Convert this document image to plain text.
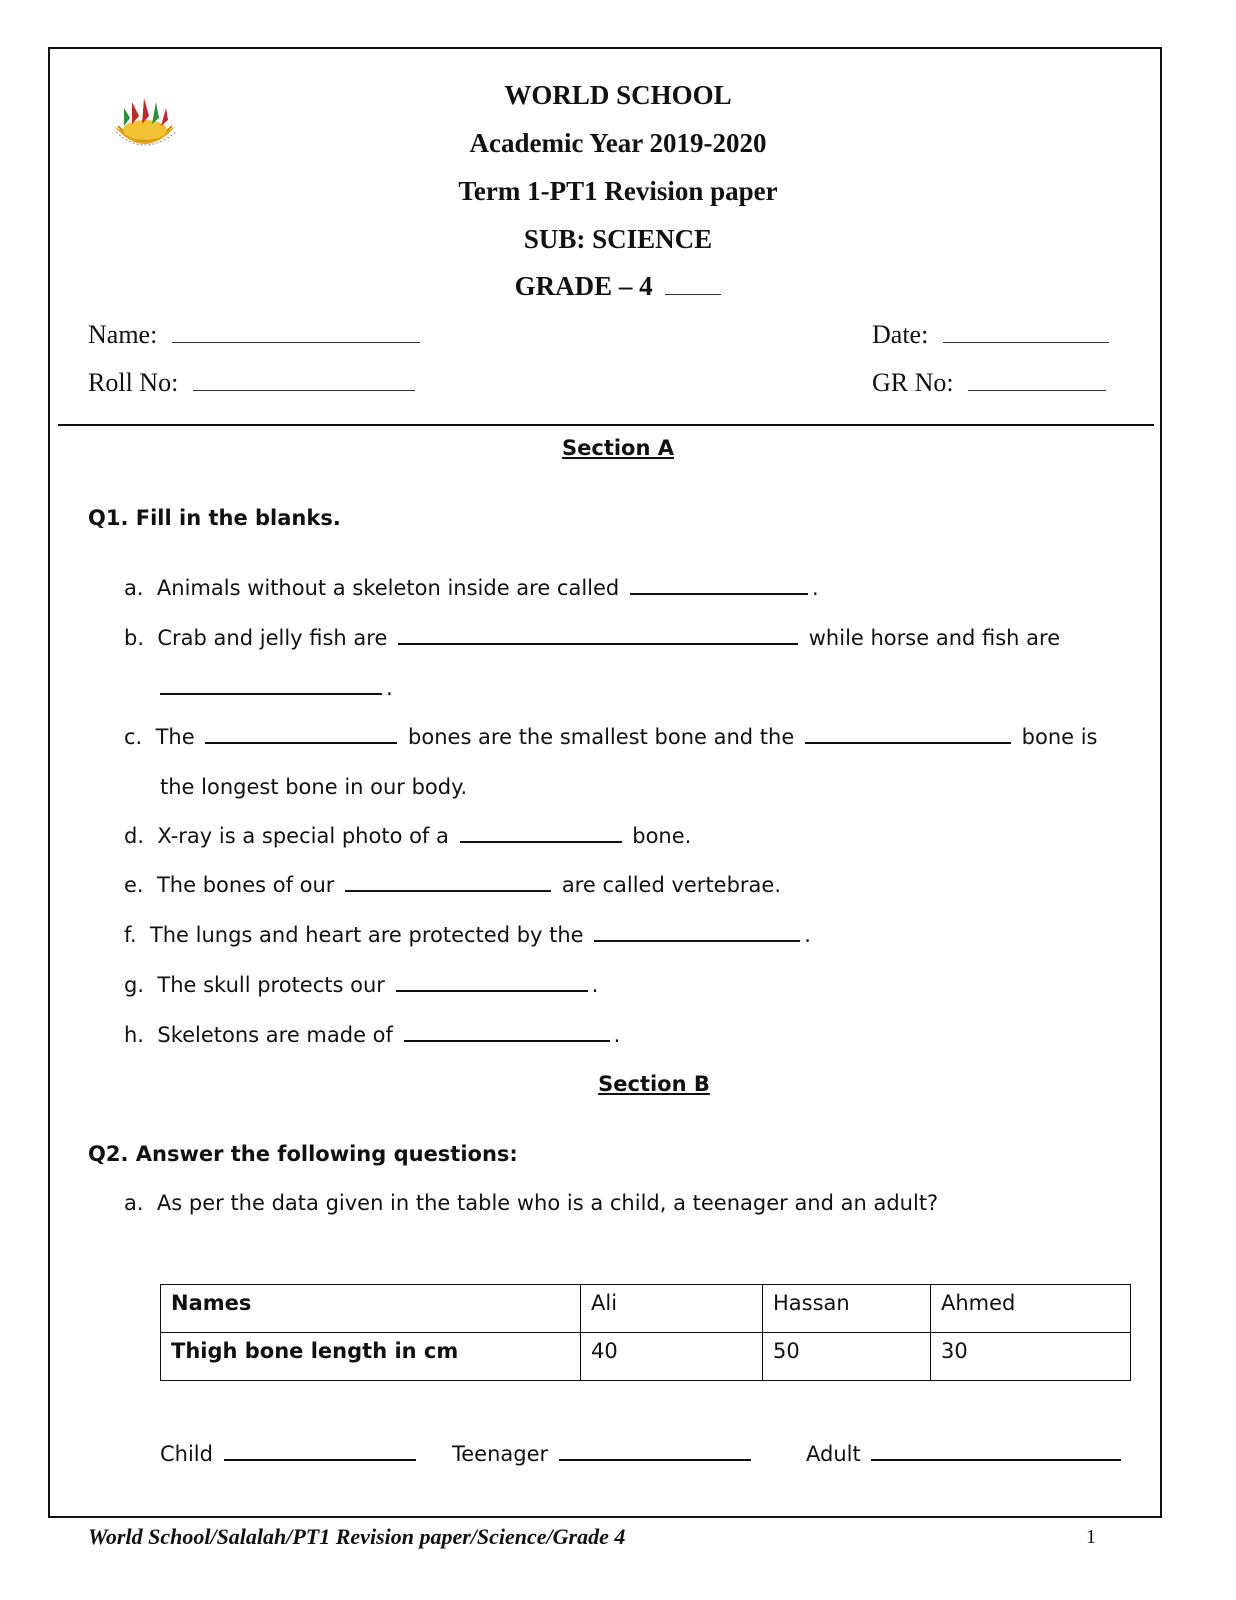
WORLD SCHOOL
Academic Year 2019-2020
Term 1-PT1 Revision paper
SUB: SCIENCE
GRADE – 4
Name:	Date:
Roll No:	GR No:
Section A
Q1. Fill in the blanks.
a. Animals without a skeleton inside are called	.
b. Crab and jelly fish are	while horse and fish are
.
c. The	bones are the smallest bone and the	bone is
the longest bone in our body.
d. X-ray is a special photo of a	bone.
e. The bones of our	are called vertebrae.
f. The lungs and heart are protected by the	.
g. The skull protects our	.
h. Skeletons are made of	.
Section B
Q2. Answer the following questions:
a. As per the data given in the table who is a child, a teenager and an adult?
Names	Ali	Hassan	Ahmed
Thigh bone length in cm	40	50	30
Child	Teenager	Adult
World School/Salalah/PT1 Revision paper/Science/Grade 4	1
